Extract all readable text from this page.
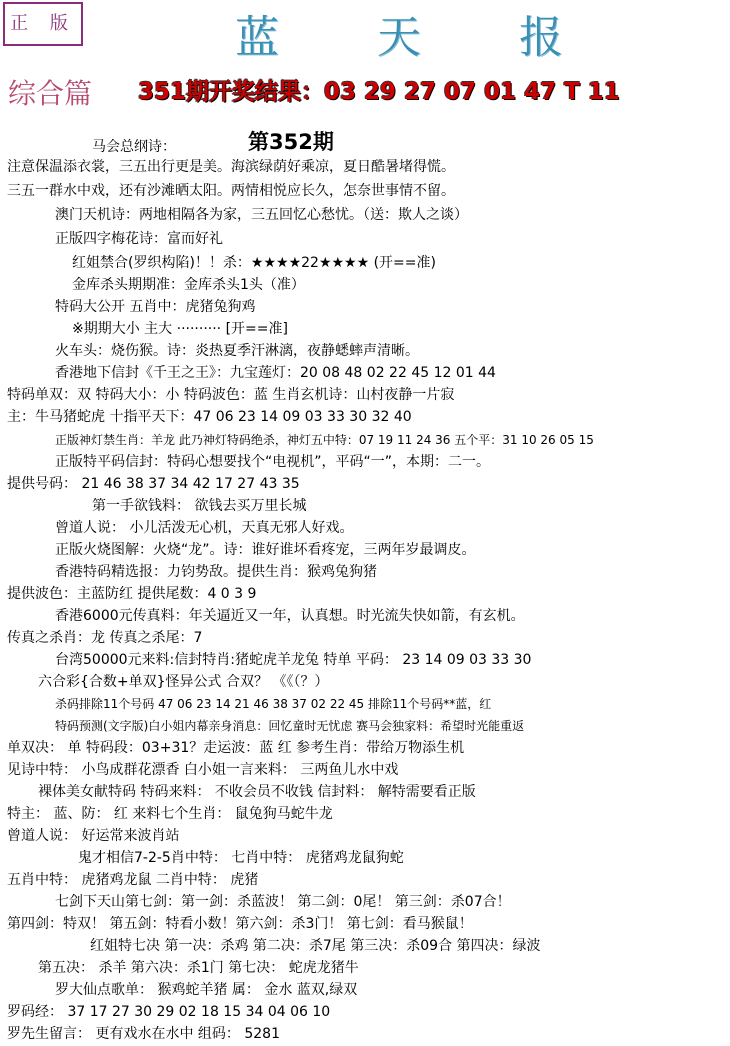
正 版	蓝 天 报
综合篇	351期开奖结果：03 29 27 07 01 47 T 11
第352期
马会总纲诗：
注意保温添衣裳，三五出行更是美。海滨绿荫好乘凉，夏日酷暑堵得慌。
三五一群水中戏，还有沙滩晒太阳。两情相悦应长久，怎奈世事情不留。
澳门天机诗：两地相隔各为家，三五回忆心愁忧。（送：欺人之谈）
正版四字梅花诗：富而好礼
红姐禁合(罗织构陷)！！杀：★★★★22★★★★ (开==准)
金库杀头期期准：金库杀头1头（准）
特码大公开 五肖中：虎猪兔狗鸡
※期期大小 主大 ·········· [开==准]
火车头：烧伤猴。诗：炎热夏季汗淋漓，夜静蟋蟀声清晰。
香港地下信封《千王之王》：九宝莲灯：20 08 48 02 22 45 12 01 44
特码单双：双 特码大小：小 特码波色：蓝 生肖玄机诗：山村夜静一片寂
主：牛马猪蛇虎 十指平天下：47 06 23 14 09 03 33 30 32 40
正版神灯禁生肖：羊龙 此乃神灯特码绝杀，神灯五中特：07 19 11 24 36 五个平：31 10 26 05 15
正版特平码信封：特码心想要找个“电视机”，平码“一”，本期：二一。
提供号码： 21 46 38 37 34 42 17 27 43 35
第一手欲钱料： 欲钱去买万里长城
曾道人说： 小儿活泼无心机，天真无邪人好戏。
正版火烧图解：火烧“龙”。诗：谁好谁坏看疼宠，三两年岁最调皮。
香港特码精选报：力钧势敌。提供生肖：猴鸡兔狗猪
提供波色：主蓝防红 提供尾数：4 0 3 9
香港6000元传真料：年关逼近又一年，认真想。时光流失快如箭，有玄机。
传真之杀肖：龙 传真之杀尾：7
台湾50000元来料:信封特肖:猪蛇虎羊龙兔 特单 平码： 23 14 09 03 33 30
六合彩{合数+单双}怪异公式 合双？ 《《（？）
杀码排除11个号码 47 06 23 14 21 46 38 37 02 22 45 排除11个号码**蓝，红
特码预测(文字版)白小姐内幕亲身消息：回忆童时无忧虑 赛马会独家料：希望时光能重返
单双决： 单 特码段：03+31？走运波：蓝 红 参考生肖：带给万物添生机
见诗中特： 小鸟成群花漂香 白小姐一言来料： 三两鱼儿水中戏
裸体美女献特码 特码来料： 不收会员不收钱 信封料： 解特需要看正版
特主： 蓝、防： 红 来料七个生肖： 鼠兔狗马蛇牛龙
曾道人说： 好运常来波肖站
鬼才相信7-2-5肖中特： 七肖中特： 虎猪鸡龙鼠狗蛇
五肖中特： 虎猪鸡龙鼠 二肖中特： 虎猪
七剑下天山第七剑：第一剑：杀蓝波！ 第二剑：0尾！ 第三剑：杀07合！
第四剑：特双！ 第五剑：特看小数！第六剑：杀3门！ 第七剑：看马猴鼠！
红姐特七决 第一决：杀鸡 第二决：杀7尾 第三决：杀09合 第四决：绿波
第五决： 杀羊 第六决：杀1门 第七决： 蛇虎龙猪牛
罗大仙点歌单： 猴鸡蛇羊猪 属： 金水 蓝双,绿双
罗码经： 37 17 27 30 29 02 18 15 34 04 06 10
罗先生留言： 更有戏水在水中 组码： 5281
